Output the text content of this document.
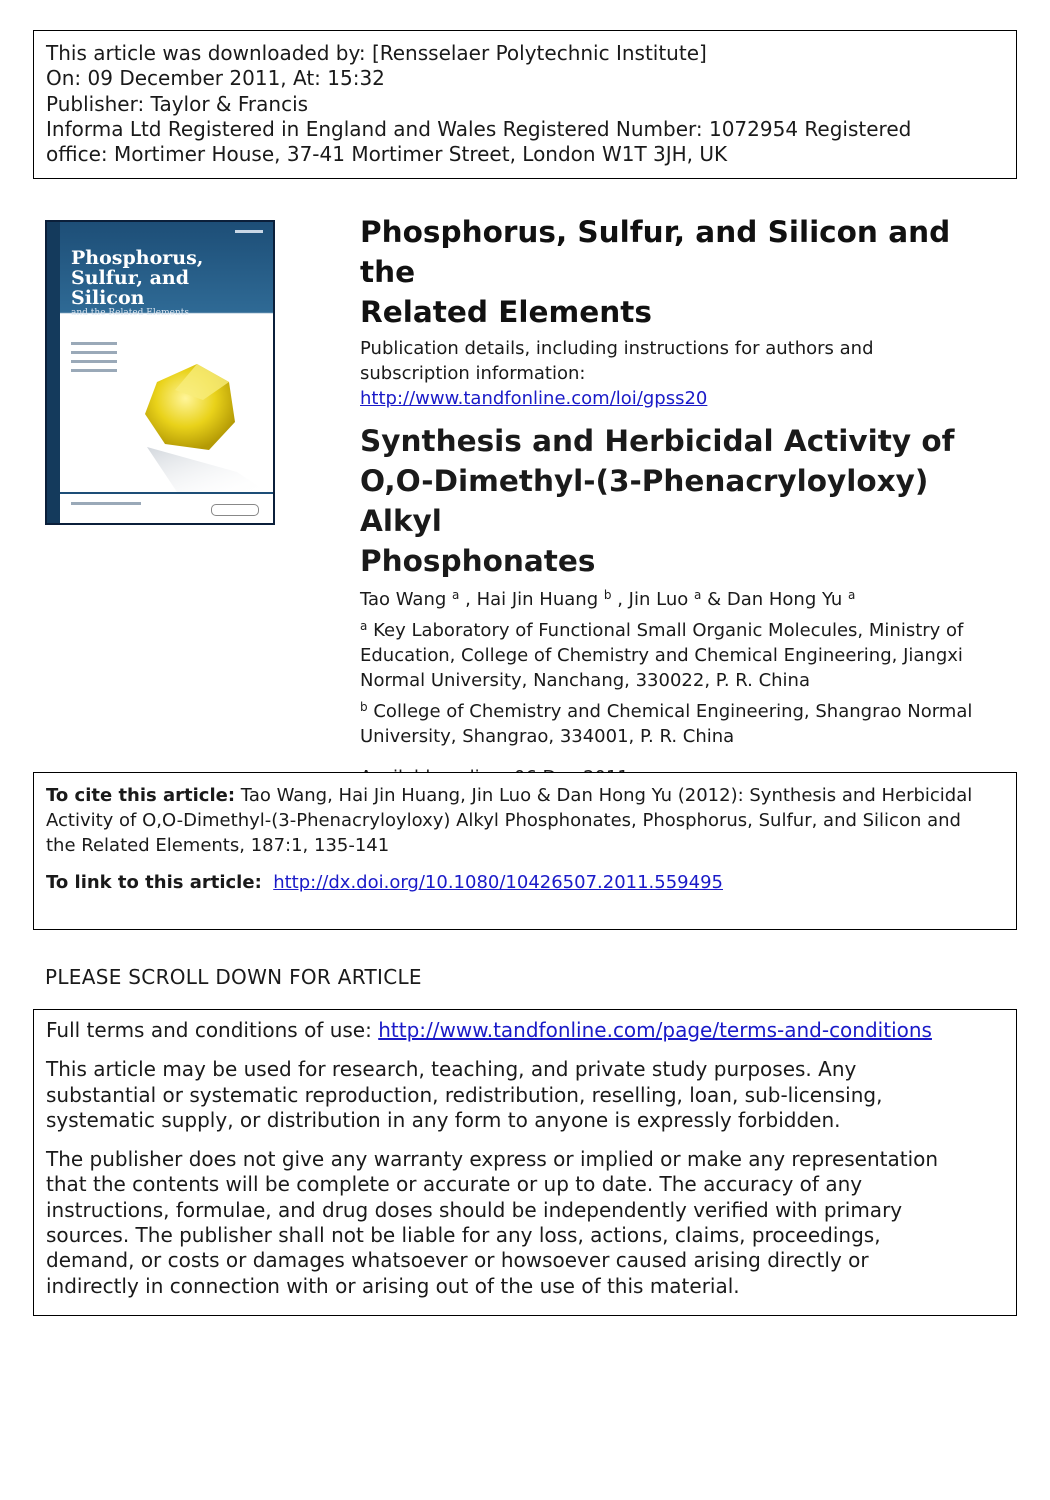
This article was downloaded by: [Rensselaer Polytechnic Institute]
On: 09 December 2011, At: 15:32
Publisher: Taylor & Francis
Informa Ltd Registered in England and Wales Registered Number: 1072954 Registered
office: Mortimer House, 37-41 Mortimer Street, London W1T 3JH, UK
Phosphorus,
Sulfur, and
Silicon
and the Related Elements
Phosphorus, Sulfur, and Silicon and the
Related Elements
Publication details, including instructions for authors and
subscription information:
http://www.tandfonline.com/loi/gpss20
Synthesis and Herbicidal Activity of
O,O-Dimethyl-(3-Phenacryloyloxy) Alkyl
Phosphonates
Tao Wang $^a$ , Hai Jin Huang $^b$ , Jin Luo $^a$ & Dan Hong Yu $^a$
$^a$ Key Laboratory of Functional Small Organic Molecules, Ministry of
Education, College of Chemistry and Chemical Engineering, Jiangxi
Normal University, Nanchang, 330022, P. R. China
$^b$ College of Chemistry and Chemical Engineering, Shangrao Normal
University, Shangrao, 334001, P. R. China
To cite this article: Tao Wang, Hai Jin Huang, Jin Luo & Dan Hong Yu (2012): Synthesis and Herbicidal
Activity of O,O-Dimethyl-(3-Phenacryloyloxy) Alkyl Phosphonates, Phosphorus, Sulfur, and Silicon and
the Related Elements, 187:1, 135-141
To link to this article: http://dx.doi.org/10.1080/10426507.2011.559495
PLEASE SCROLL DOWN FOR ARTICLE

Full terms and conditions of use: http://www.tandfonline.com/page/terms-and-conditions

This article may be used for research, teaching, and private study purposes. Any
substantial or systematic reproduction, redistribution, reselling, loan, sub-licensing,
systematic supply, or distribution in any form to anyone is expressly forbidden.

The publisher does not give any warranty express or implied or make any representation
that the contents will be complete or accurate or up to date. The accuracy of any
instructions, formulae, and drug doses should be independently verified with primary
sources. The publisher shall not be liable for any loss, actions, claims, proceedings,
demand, or costs or damages whatsoever or howsoever caused arising directly or
indirectly in connection with or arising out of the use of this material.
